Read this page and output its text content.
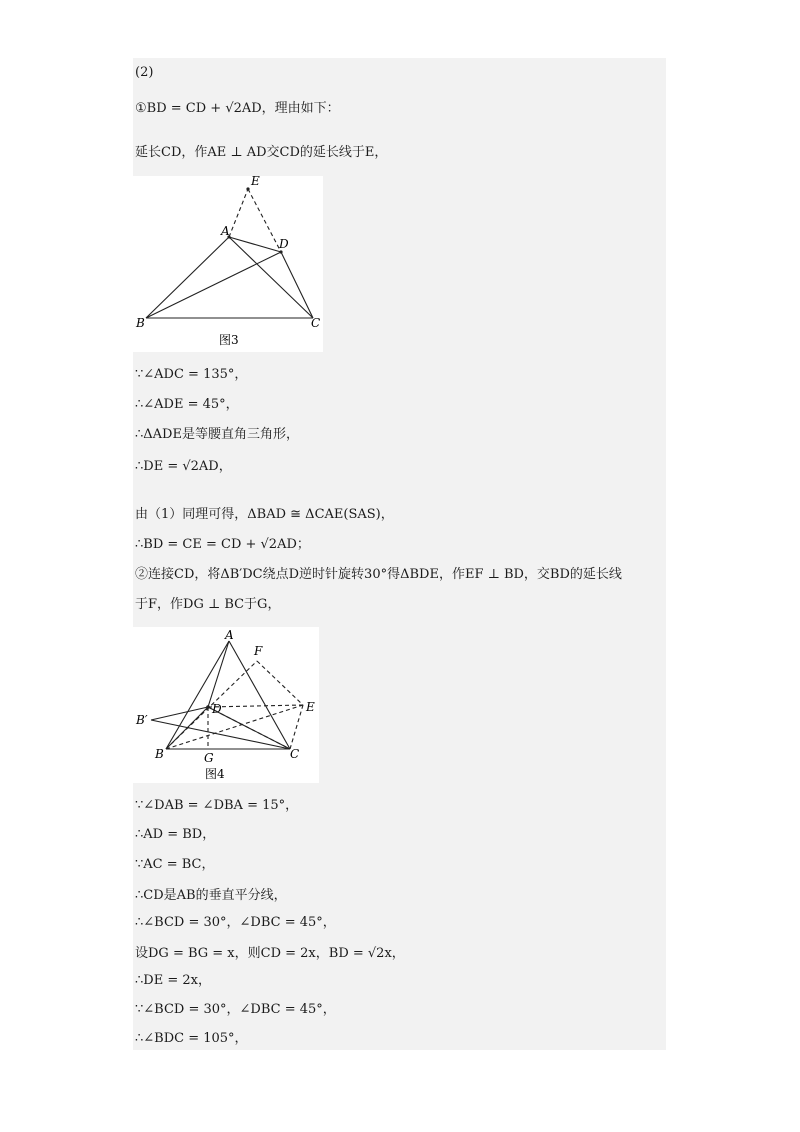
(2)
①BD = CD + √2AD，理由如下：
延长CD，作AE ⊥ AD交CD的延长线于E，
E
A
D
B	C
图3
∵∠ADC = 135°，
∴∠ADE = 45°，
∴ΔADE是等腰直角三角形，
∴DE = √2AD，
由（1）同理可得，ΔBAD ≅ ΔCAE(SAS)，
∴BD = CE = CD + √2AD；
②连接CD，将ΔB′DC绕点D逆时针旋转30°得ΔBDE，作EF ⊥ BD，交BD的延长线
于F，作DG ⊥ BC于G，
A
F
B′
D	E
B	G	C
图4
∵∠DAB = ∠DBA = 15°，
∴AD = BD，
∵AC = BC，
∴CD是AB的垂直平分线，
∴∠BCD = 30°，∠DBC = 45°，
设DG = BG = x，则CD = 2x，BD = √2x，
∴DE = 2x，
∵∠BCD = 30°，∠DBC = 45°，
∴∠BDC = 105°，
